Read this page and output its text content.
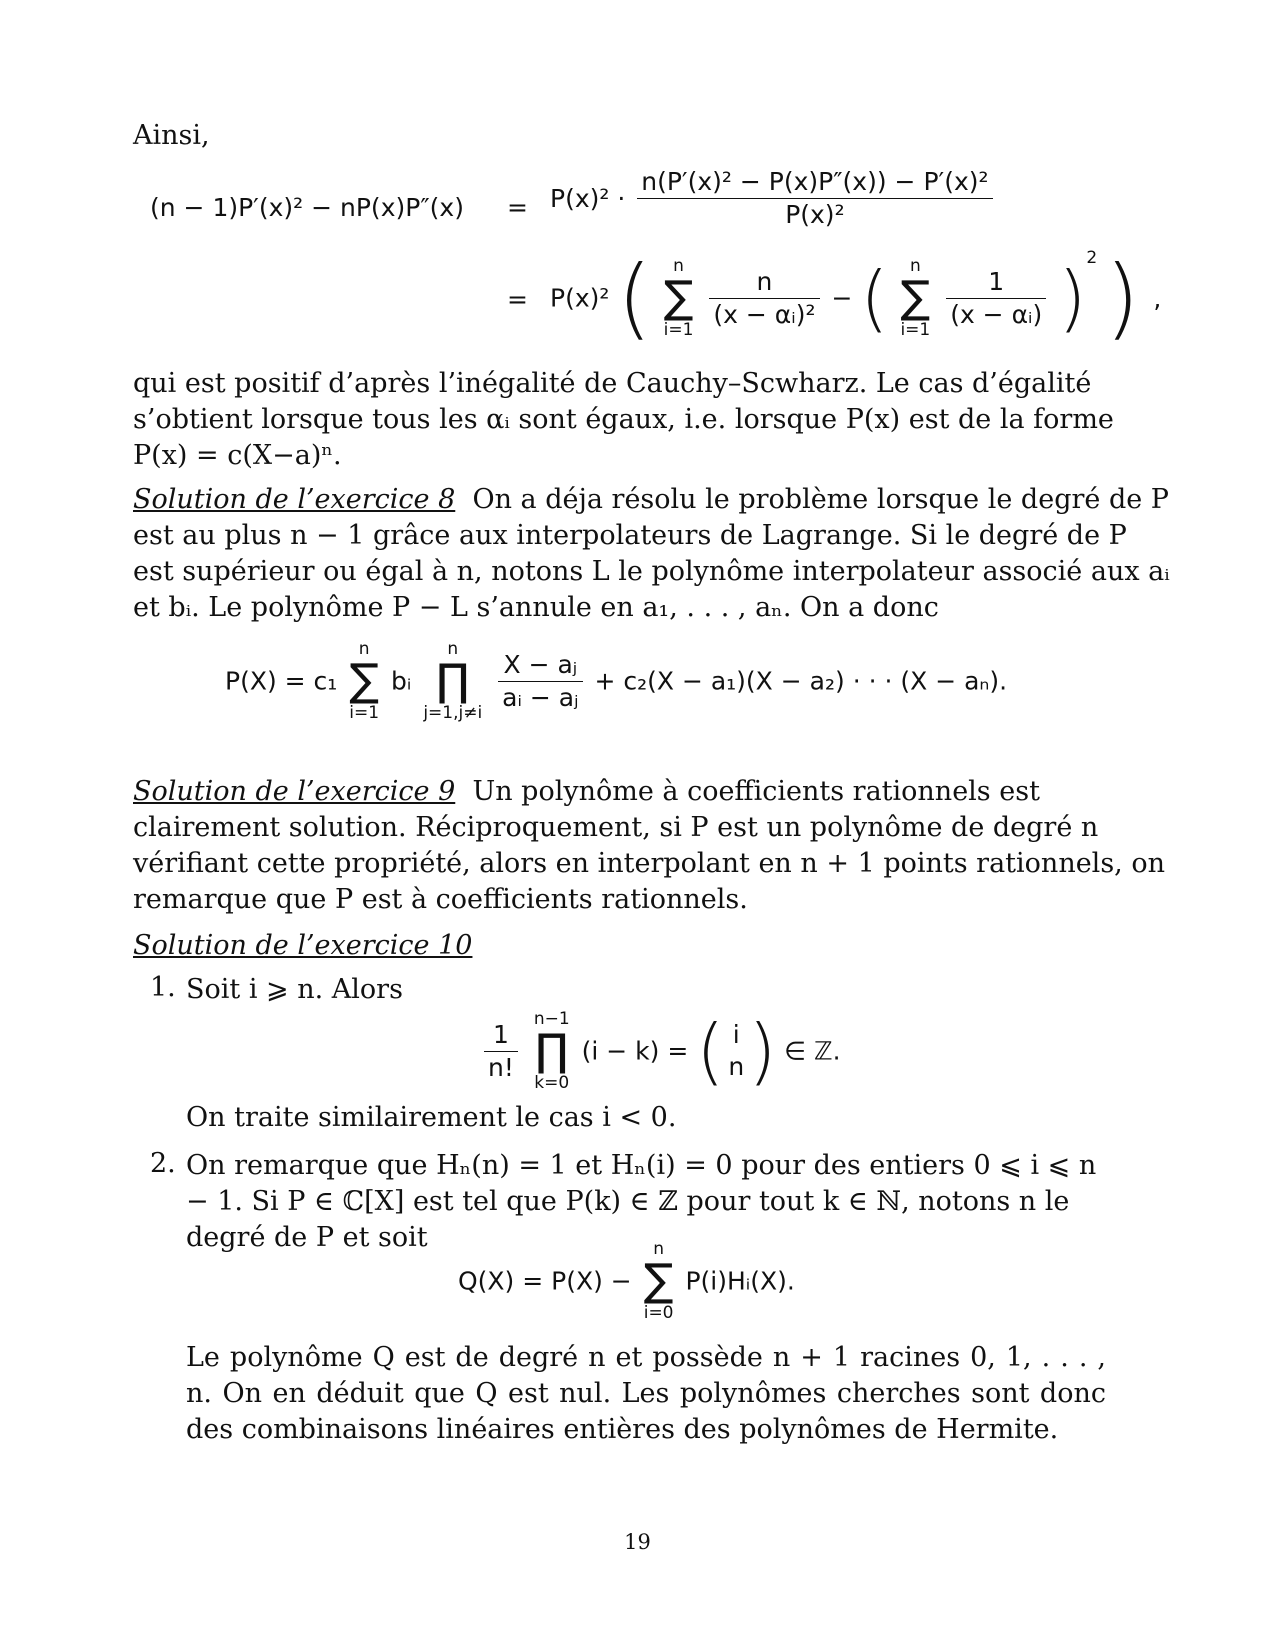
Ainsi,
$(n - 1)P'(x)^2 - nP(x)P''(x) = P(x)^2 \cdot \frac{\text{n(P′(x)² − P(x)P″(x)) − P′(x)²}}{\text{P(x)²}}$
= P(x)² (	n
∑
i=1
$\frac{n}{\text{(x − αᵢ)²}}$ − (	n
∑
i=1
$\frac{1}{\text{(x − αᵢ)}} )^2$ ) ,
qui est positif d’après l’inégalité de Cauchy–Scwharz. Le cas d’égalité s’obtient lorsque tous les αᵢ sont égaux, i.e. lorsque P(x) est de la forme P(x) = c(X−a)ⁿ.
Solution de l’exercice 8 On a déja résolu le problème lorsque le degré de P est au plus n − 1 grâce aux interpolateurs de Lagrange. Si le degré de P est supérieur ou égal à n, notons L le polynôme interpolateur associé aux aᵢ et bᵢ. Le polynôme P − L s’annule en a₁, . . . , aₙ. On a donc
P(X) = c₁
n
∑
i=1
bᵢ
n
∏
j=1,j≠i
$\frac{\text{X − aⱼ}}{\text{aᵢ − aⱼ}} + c_2(X - a_1)(X - a_2)$ · · · (X − aₙ).
Solution de l’exercice 9 Un polynôme à coefficients rationnels est clairement solution. Réciproquement, si P est un polynôme de degré n vérifiant cette propriété, alors en interpolant en n + 1 points rationnels, on remarque que P est à coefficients rationnels.
Solution de l’exercice 10
1. Soit i ⩾ n. Alors
$\frac{1}{n!}$
n−1
∏
k=0
(i − k) = ( i
n ) ∈ ℤ.
On traite similairement le cas i < 0.
2. On remarque que Hₙ(n) = 1 et Hₙ(i) = 0 pour des entiers 0 ⩽ i ⩽ n − 1. Si P ∈ ℂ[X] est tel que P(k) ∈ ℤ pour tout k ∈ ℕ, notons n le degré de P et soit
Q(X) = P(X) −
n
∑
i=0
P(i)Hᵢ(X).
Le polynôme Q est de degré n et possède n + 1 racines 0, 1, . . . , n. On en déduit que Q est nul. Les polynômes cherches sont donc des combinaisons linéaires entières des polynômes de Hermite.
19
